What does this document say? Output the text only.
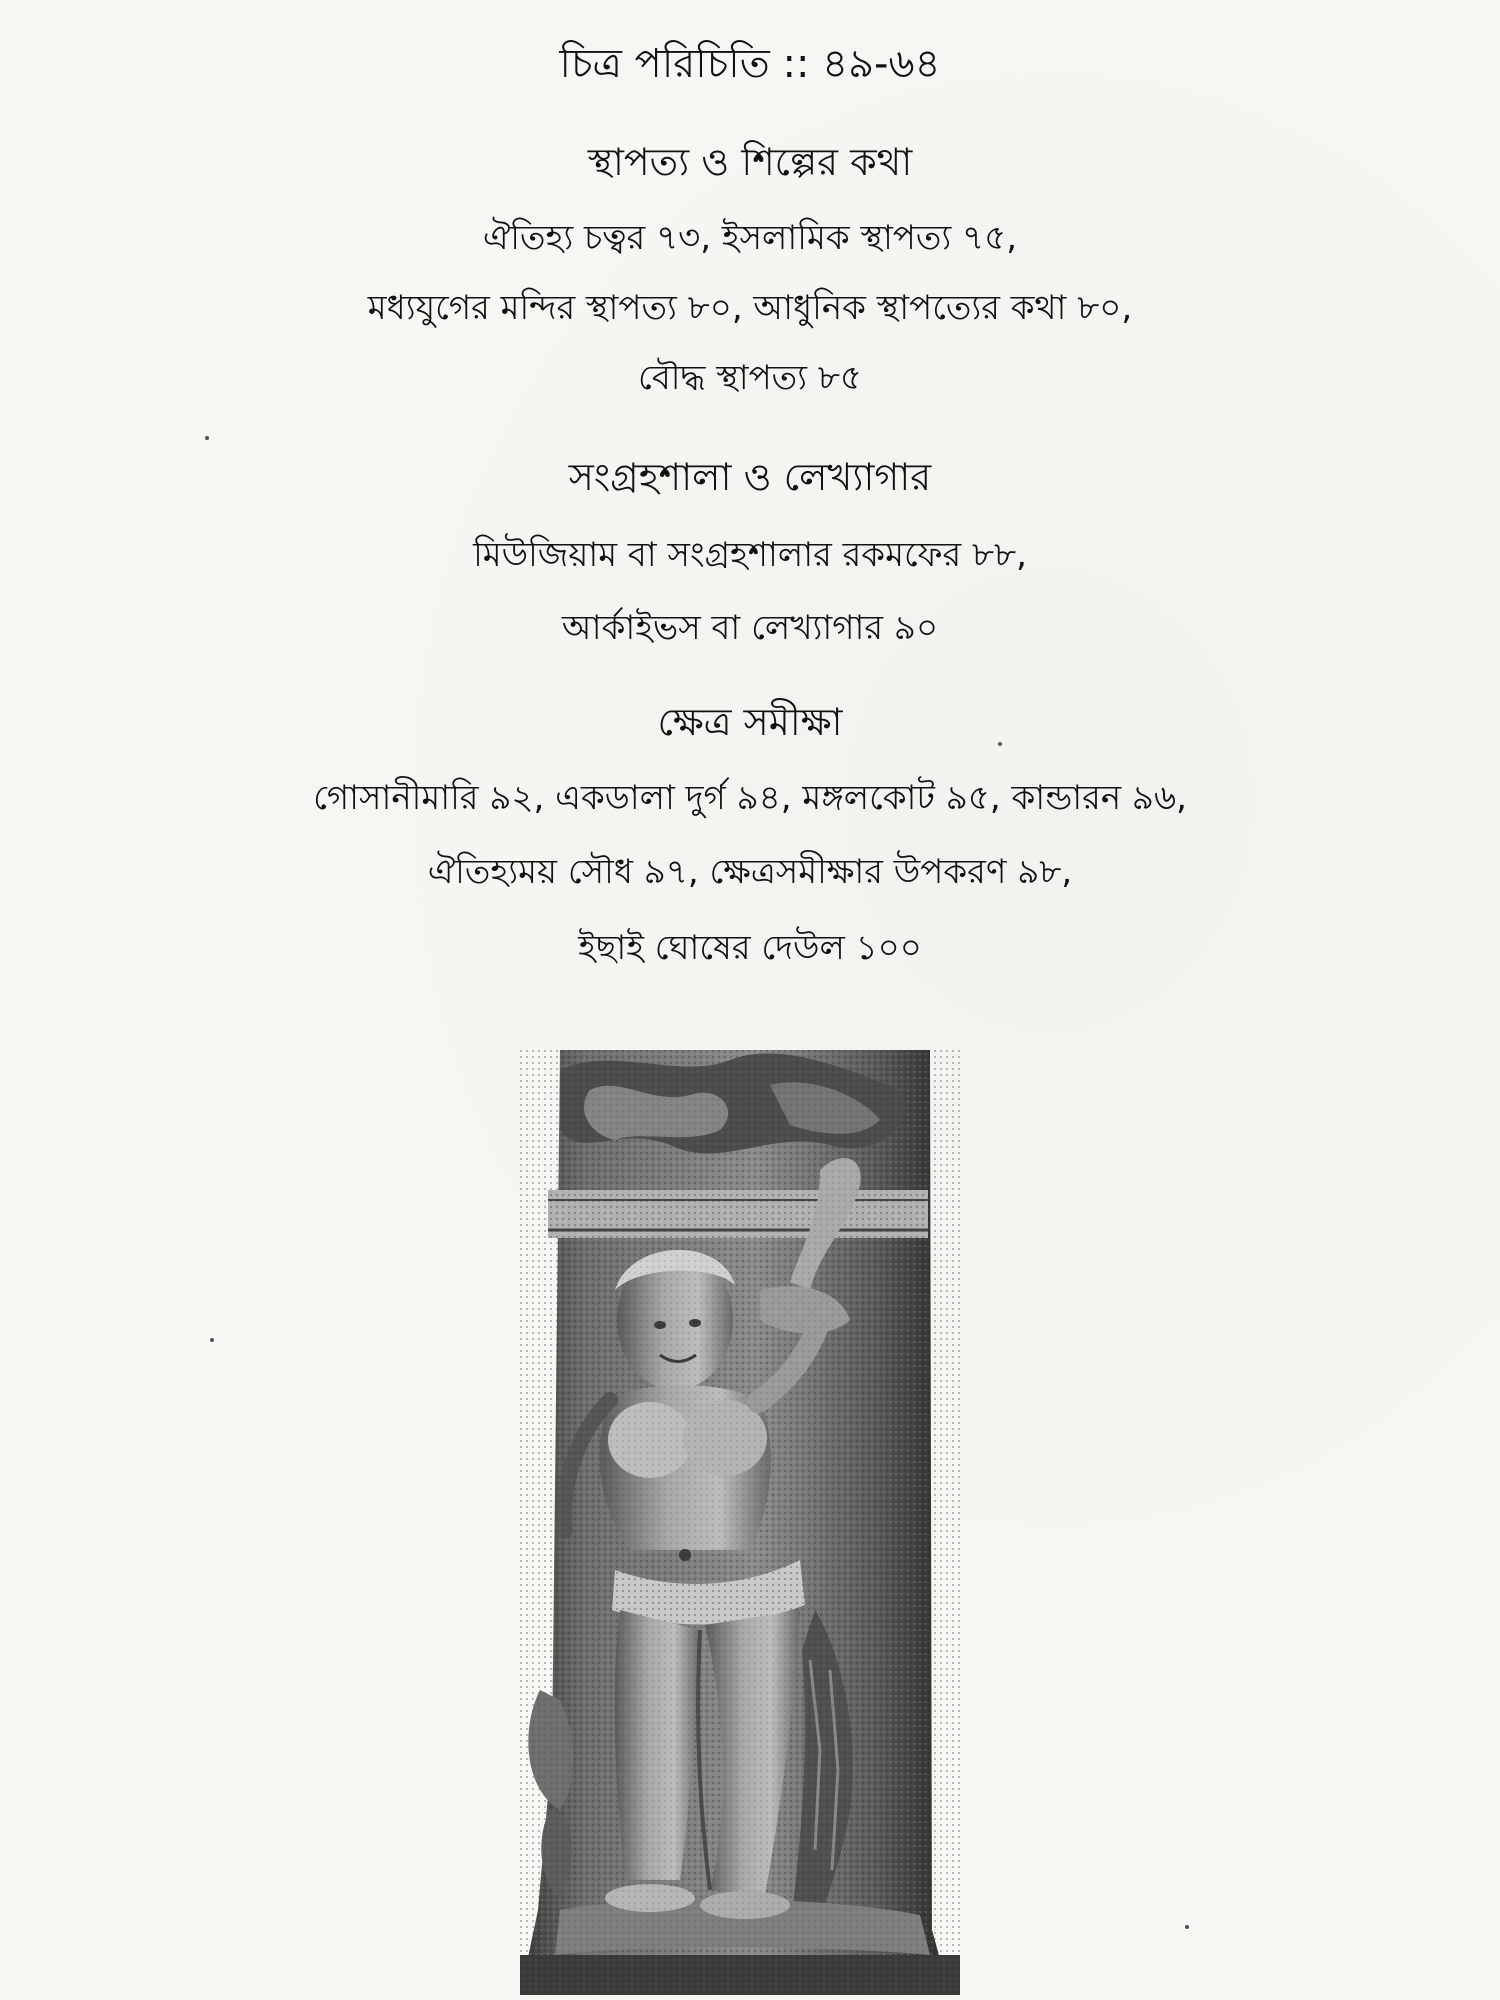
চিত্র পরিচিতি :: ৪৯-৬৪
স্থাপত্য ও শিল্পের কথা
ঐতিহ্য চত্বর ৭৩, ইসলামিক স্থাপত্য ৭৫,
মধ্যযুগের মন্দির স্থাপত্য ৮০, আধুনিক স্থাপত্যের কথা ৮০,
বৌদ্ধ স্থাপত্য ৮৫
সংগ্রহশালা ও লেখ্যাগার
মিউজিয়াম বা সংগ্রহশালার রকমফের ৮৮,
আর্কাইভস বা লেখ্যাগার ৯০
ক্ষেত্র সমীক্ষা
গোসানীমারি ৯২, একডালা দুর্গ ৯৪, মঙ্গলকোট ৯৫, কান্ডারন ৯৬,
ঐতিহ্যময় সৌধ ৯৭, ক্ষেত্রসমীক্ষার উপকরণ ৯৮,
ইছাই ঘোষের দেউল ১০০
